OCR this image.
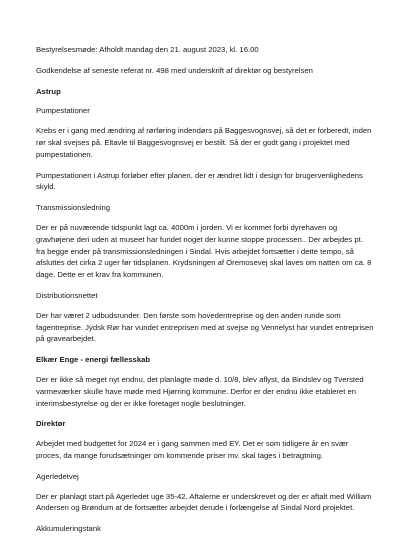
Bestyrelsesmøde: Afholdt mandag den 21. august 2023, kl. 16.00

Godkendelse af seneste referat nr. 498 med underskrift af direktør og bestyrelsen

Astrup

Pumpestationer

Krebs er i gang med ændring af rørføring indendørs på Baggesvognsvej, så det er forberedt, inden rør skal svejses på. Eltavle til Baggesvognsvej er bestilt. Så der er godt gang i projektet med pumpestationen.

Pumpestationen i Astrup forløber efter planen, der er ændret lidt i design for brugervenlighedens skyld.

Transmissionsledning

Der er på nuværende tidspunkt lagt ca. 4000m i jorden. Vi er kommet forbi dyrehaven og gravhøjene deri uden at museet har fundet noget der kunne stoppe processen.. Der arbejdes pt. fra begge ender på transmissionsledningen i Sindal. Hvis arbejdet fortsætter i dette tempo, så afsluttes det cirka 2 uger før tidsplanen. Krydsningen af Oremosevej skal laves om natten om ca. 8 dage. Dette er et krav fra kommunen.

Distributionsnettet

Der har været 2 udbudsrunder. Den første som hovedentreprise og den anden runde som fagentreprise. Jydsk Rør har vundet entreprisen med at svejse og Vennelyst har vundet entreprisen på gravearbejdet.

Elkær Enge - energi fællesskab

Der er ikke så meget nyt endnu, det planlagte møde d. 10/8, blev aflyst, da Bindslev og Tversted varmeværker skulle have møde med Hjørring kommune. Derfor er der endnu ikke etableret en interimsbestyrelse og der er ikke foretaget nogle beslutninger.

Direktør

Arbejdet med budgettet for 2024 er i gang sammen med EY. Det er som tidligere år en svær proces, da mange forudsætninger om kommende priser mv. skal tages i betragtning.

Agerledetvej

Der er planlagt start på Agerledet uge 35-42. Aftalerne er underskrevet og der er aftalt med William Andersen og Brøndum at de fortsætter arbejdet derude i forlængelse af Sindal Nord projektet.

Akkumuleringstank
